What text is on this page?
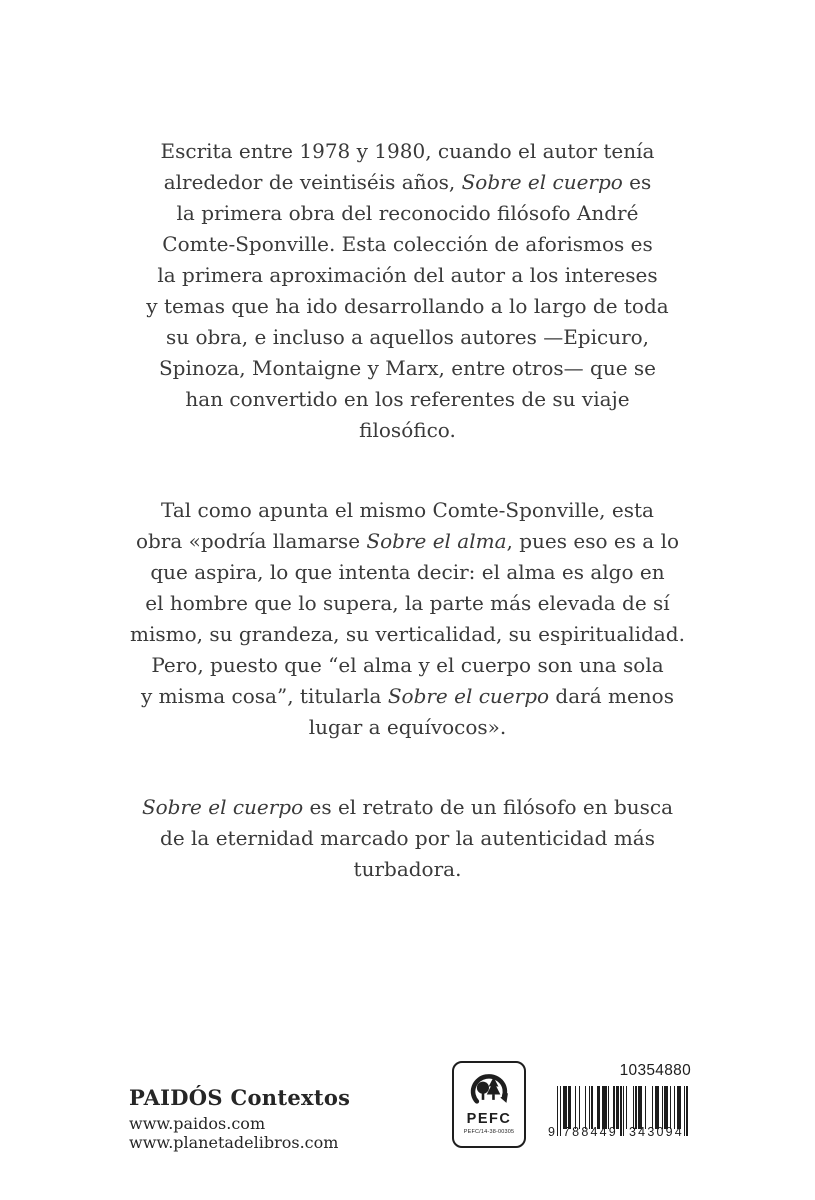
Escrita entre 1978 y 1980, cuando el autor tenía
alrededor de veintiséis años, Sobre el cuerpo es
la primera obra del reconocido filósofo André
Comte-Sponville. Esta colección de aforismos es
la primera aproximación del autor a los intereses
y temas que ha ido desarrollando a lo largo de toda
su obra, e incluso a aquellos autores —Epicuro,
Spinoza, Montaigne y Marx, entre otros— que se
han convertido en los referentes de su viaje
filosófico.
Tal como apunta el mismo Comte-Sponville, esta
obra «podría llamarse Sobre el alma, pues eso es a lo
que aspira, lo que intenta decir: el alma es algo en
el hombre que lo supera, la parte más elevada de sí
mismo, su grandeza, su verticalidad, su espiritualidad.
Pero, puesto que “el alma y el cuerpo son una sola
y misma cosa”, titularla Sobre el cuerpo dará menos
lugar a equívocos».
Sobre el cuerpo es el retrato de un filósofo en busca
de la eternidad marcado por la autenticidad más
turbadora.
PAIDÓS Contextos
www.paidos.com
www.planetadelibros.com
PEFC
PEFC/14-38-00305
10354880
9 788449 343094
